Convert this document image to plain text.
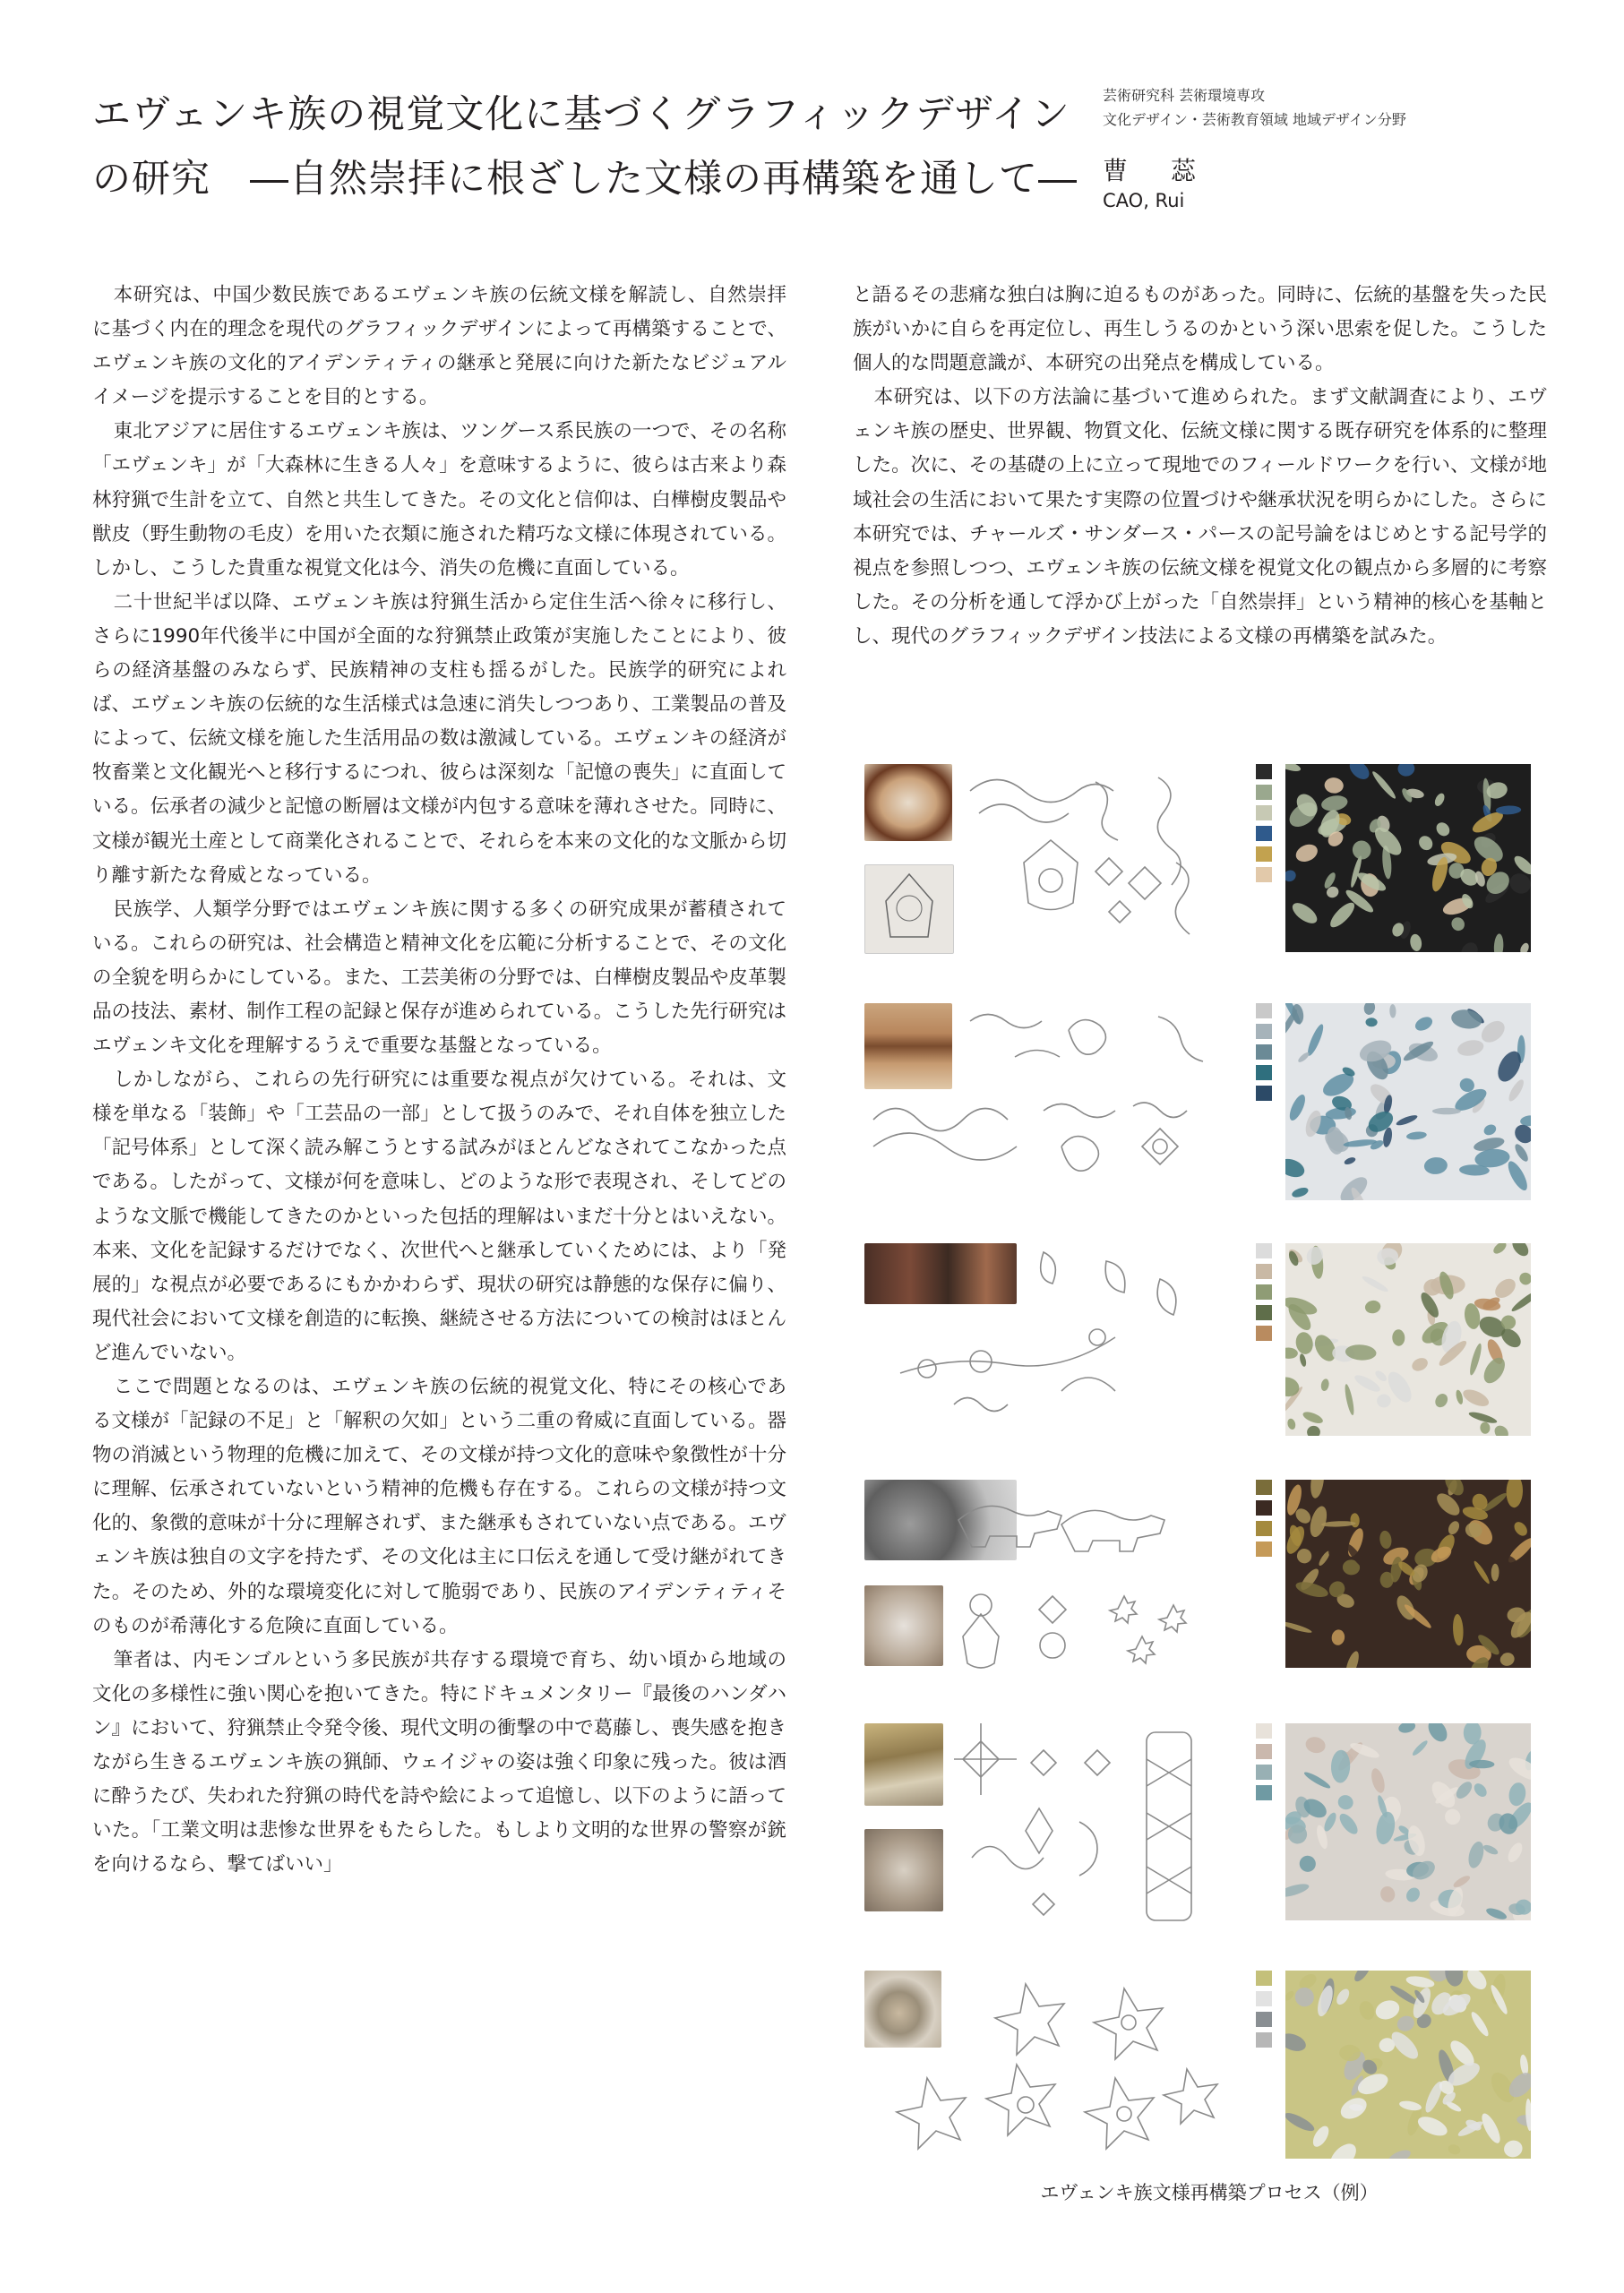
エヴェンキ族の視覚文化に基づくグラフィックデザイン
の研究　―自然崇拝に根ざした文様の再構築を通して―
芸術研究科 芸術環境専攻
文化デザイン・芸術教育領域 地域デザイン分野
曹　蕊
CAO, Rui

本研究は、中国少数民族であるエヴェンキ族の伝統文様を解読し、自然崇拝に基づく内在的理念を現代のグラフィックデザインによって再構築することで、エヴェンキ族の文化的アイデンティティの継承と発展に向けた新たなビジュアルイメージを提示することを目的とする。

東北アジアに居住するエヴェンキ族は、ツングース系民族の一つで、その名称「エヴェンキ」が「大森林に生きる人々」を意味するように、彼らは古来より森林狩猟で生計を立て、自然と共生してきた。その文化と信仰は、白樺樹皮製品や獣皮（野生動物の毛皮）を用いた衣類に施された精巧な文様に体現されている。しかし、こうした貴重な視覚文化は今、消失の危機に直面している。

二十世紀半ば以降、エヴェンキ族は狩猟生活から定住生活へ徐々に移行し、さらに1990年代後半に中国が全面的な狩猟禁止政策が実施したことにより、彼らの経済基盤のみならず、民族精神の支柱も揺るがした。民族学的研究によれば、エヴェンキ族の伝統的な生活様式は急速に消失しつつあり、工業製品の普及によって、伝統文様を施した生活用品の数は激減している。エヴェンキの経済が牧畜業と文化観光へと移行するにつれ、彼らは深刻な「記憶の喪失」に直面している。伝承者の減少と記憶の断層は文様が内包する意味を薄れさせた。同時に、文様が観光土産として商業化されることで、それらを本来の文化的な文脈から切り離す新たな脅威となっている。

民族学、人類学分野ではエヴェンキ族に関する多くの研究成果が蓄積されている。これらの研究は、社会構造と精神文化を広範に分析することで、その文化の全貌を明らかにしている。また、工芸美術の分野では、白樺樹皮製品や皮革製品の技法、素材、制作工程の記録と保存が進められている。こうした先行研究はエヴェンキ文化を理解するうえで重要な基盤となっている。

しかしながら、これらの先行研究には重要な視点が欠けている。それは、文様を単なる「装飾」や「工芸品の一部」として扱うのみで、それ自体を独立した「記号体系」として深く読み解こうとする試みがほとんどなされてこなかった点である。したがって、文様が何を意味し、どのような形で表現され、そしてどのような文脈で機能してきたのかといった包括的理解はいまだ十分とはいえない。本来、文化を記録するだけでなく、次世代へと継承していくためには、より「発展的」な視点が必要であるにもかかわらず、現状の研究は静態的な保存に偏り、現代社会において文様を創造的に転換、継続させる方法についての検討はほとんど進んでいない。

ここで問題となるのは、エヴェンキ族の伝統的視覚文化、特にその核心である文様が「記録の不足」と「解釈の欠如」という二重の脅威に直面している。器物の消滅という物理的危機に加えて、その文様が持つ文化的意味や象徴性が十分に理解、伝承されていないという精神的危機も存在する。これらの文様が持つ文化的、象徴的意味が十分に理解されず、また継承もされていない点である。エヴェンキ族は独自の文字を持たず、その文化は主に口伝えを通して受け継がれてきた。そのため、外的な環境変化に対して脆弱であり、民族のアイデンティティそのものが希薄化する危険に直面している。

筆者は、内モンゴルという多民族が共存する環境で育ち、幼い頃から地域の文化の多様性に強い関心を抱いてきた。特にドキュメンタリー『最後のハンダハン』において、狩猟禁止令発令後、現代文明の衝撃の中で葛藤し、喪失感を抱きながら生きるエヴェンキ族の猟師、ウェイジャの姿は強く印象に残った。彼は酒に酔うたび、失われた狩猟の時代を詩や絵によって追憶し、以下のように語っていた。「工業文明は悲惨な世界をもたらした。もしより文明的な世界の警察が銃を向けるなら、撃てばいい」

と語るその悲痛な独白は胸に迫るものがあった。同時に、伝統的基盤を失った民族がいかに自らを再定位し、再生しうるのかという深い思索を促した。こうした個人的な問題意識が、本研究の出発点を構成している。

本研究は、以下の方法論に基づいて進められた。まず文献調査により、エヴェンキ族の歴史、世界観、物質文化、伝統文様に関する既存研究を体系的に整理した。次に、その基礎の上に立って現地でのフィールドワークを行い、文様が地域社会の生活において果たす実際の位置づけや継承状況を明らかにした。さらに本研究では、チャールズ・サンダース・パースの記号論をはじめとする記号学的視点を参照しつつ、エヴェンキ族の伝統文様を視覚文化の観点から多層的に考察した。その分析を通して浮かび上がった「自然崇拝」という精神的核心を基軸とし、現代のグラフィックデザイン技法による文様の再構築を試みた。

エヴェンキ族文様再構築プロセス（例）
